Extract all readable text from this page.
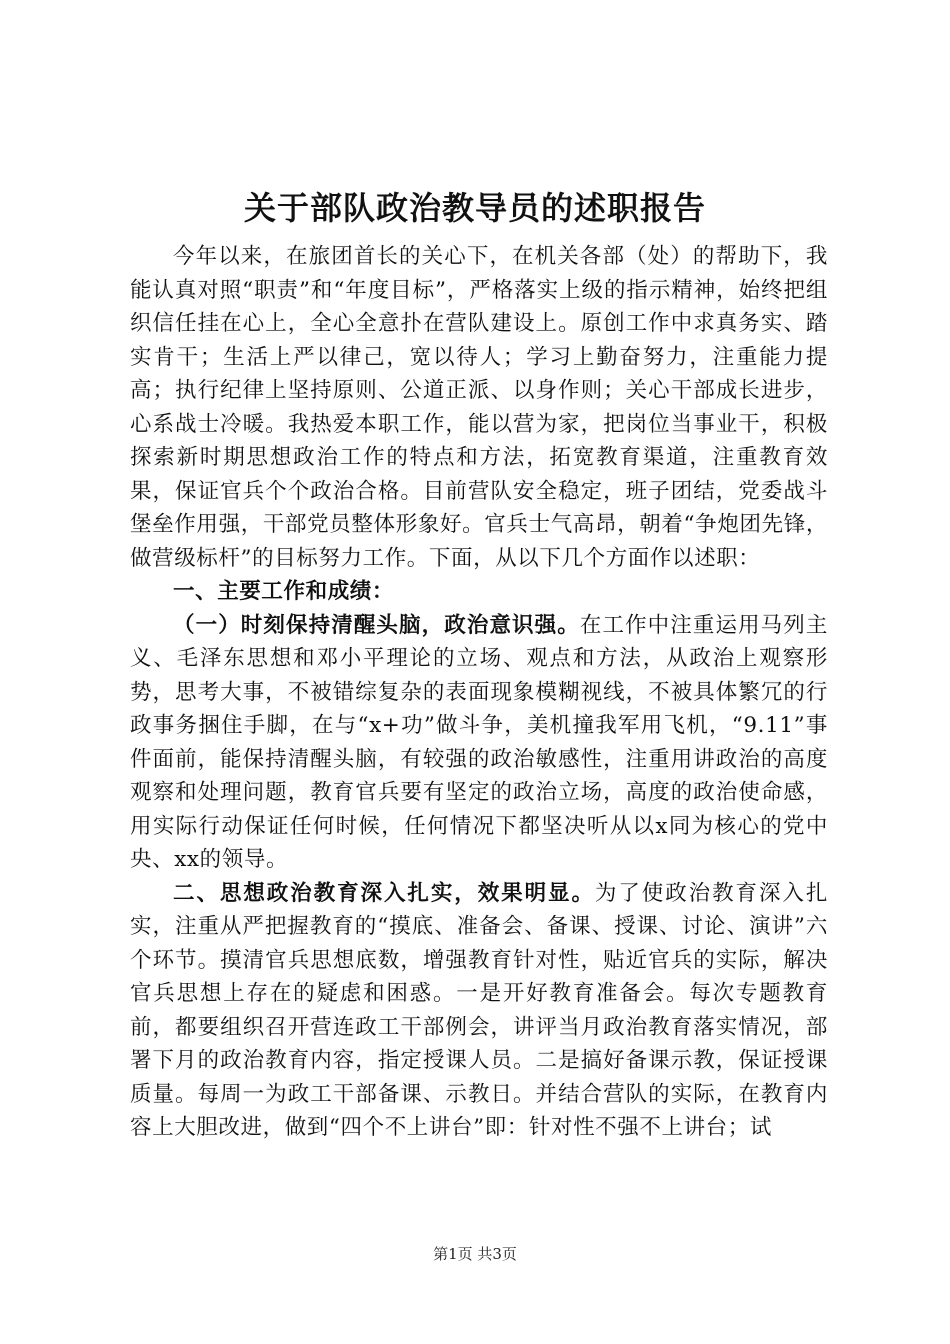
关于部队政治教导员的述职报告

今年以来，在旅团首长的关心下，在机关各部（处）的帮助下，我能认真对照“职责”和“年度目标”，严格落实上级的指示精神，始终把组织信任挂在心上，全心全意扑在营队建设上。原创工作中求真务实、踏实肯干；生活上严以律己，宽以待人；学习上勤奋努力，注重能力提高；执行纪律上坚持原则、公道正派、以身作则；关心干部成长进步，心系战士冷暖。我热爱本职工作，能以营为家，把岗位当事业干，积极探索新时期思想政治工作的特点和方法，拓宽教育渠道，注重教育效果，保证官兵个个政治合格。目前营队安全稳定，班子团结，党委战斗堡垒作用强，干部党员整体形象好。官兵士气高昂，朝着“争炮团先锋，做营级标杆”的目标努力工作。下面，从以下几个方面作以述职：

一、主要工作和成绩：

（一）时刻保持清醒头脑，政治意识强。在工作中注重运用马列主义、毛泽东思想和邓小平理论的立场、观点和方法，从政治上观察形势，思考大事，不被错综复杂的表面现象模糊视线，不被具体繁冗的行政事务捆住手脚，在与“x+功”做斗争，美机撞我军用飞机，“9.11”事件面前，能保持清醒头脑，有较强的政治敏感性，注重用讲政治的高度观察和处理问题，教育官兵要有坚定的政治立场，高度的政治使命感，用实际行动保证任何时候，任何情况下都坚决听从以x同为核心的党中央、xx的领导。

二、思想政治教育深入扎实，效果明显。为了使政治教育深入扎实，注重从严把握教育的“摸底、准备会、备课、授课、讨论、演讲”六个环节。摸清官兵思想底数，增强教育针对性，贴近官兵的实际，解决官兵思想上存在的疑虑和困惑。一是开好教育准备会。每次专题教育前，都要组织召开营连政工干部例会，讲评当月政治教育落实情况，部署下月的政治教育内容，指定授课人员。二是搞好备课示教，保证授课质量。每周一为政工干部备课、示教日。并结合营队的实际，在教育内容上大胆改进，做到“四个不上讲台”即：针对性不强不上讲台；试

第1页 共3页
